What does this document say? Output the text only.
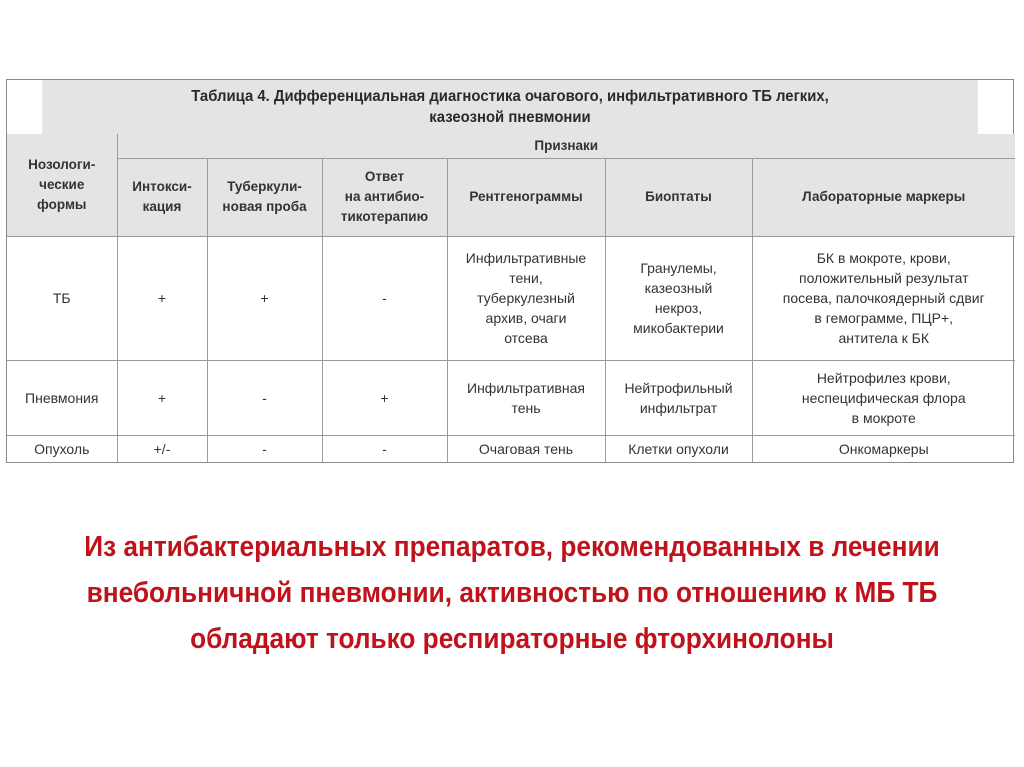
Таблица 4. Дифференциальная диагностика очагового, инфильтративного ТБ легких,
казеозной пневмонии
Нозологи-
ческие
формы	Признаки					
	Интокси-
кация	Туберкули-
новая проба	Ответ
на антибио-
тикотерапию	Рентгенограммы	Биоптаты	Лабораторные маркеры
ТБ	+	+	-	Инфильтративные
тени,
туберкулезный
архив, очаги
отсева	Гранулемы,
казеозный
некроз,
микобактерии	БК в мокроте, крови,
положительный результат
посева, палочкоядерный сдвиг
в гемограмме, ПЦР+,
антитела к БК
Пневмония	+	-	+	Инфильтративная
тень	Нейтрофильный
инфильтрат	Нейтрофилез крови,
неспецифическая флора
в мокроте
Опухоль	+/-	-	-	Очаговая тень	Клетки опухоли	Онкомаркеры
Из антибактериальных препаратов, рекомендованных в лечении внебольничной пневмонии, активностью по отношению к МБ ТБ обладают только респираторные фторхинолоны
